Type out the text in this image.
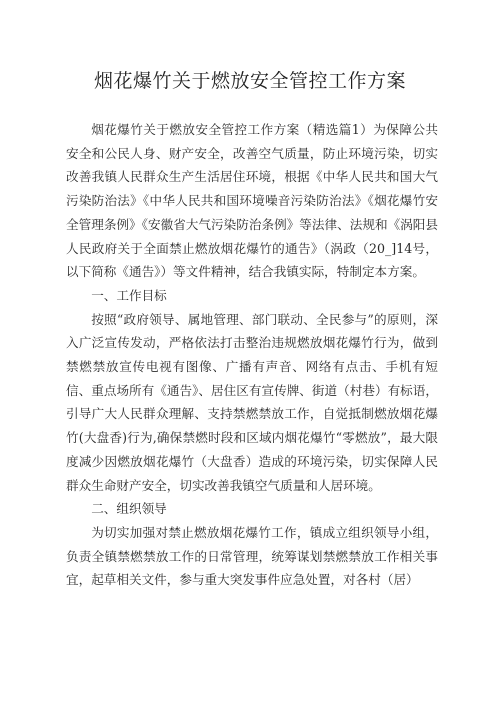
烟花爆竹关于燃放安全管控工作方案

烟花爆竹关于燃放安全管控工作方案（精选篇1）为保障公共安全和公民人身、财产安全，改善空气质量，防止环境污染，切实改善我镇人民群众生产生活居住环境，根据《中华人民共和国大气污染防治法》《中华人民共和国环境噪音污染防治法》《烟花爆竹安全管理条例》《安徽省大气污染防治条例》等法律、法规和《涡阳县人民政府关于全面禁止燃放烟花爆竹的通告》（涡政（20_]14号，以下简称《通告》）等文件精神，结合我镇实际，特制定本方案。

一、工作目标

按照“政府领导、属地管理、部门联动、全民参与”的原则，深入广泛宣传发动，严格依法打击整治违规燃放烟花爆竹行为，做到禁燃禁放宣传电视有图像、广播有声音、网络有点击、手机有短信、重点场所有《通告》、居住区有宣传牌、街道（村巷）有标语，引导广大人民群众理解、支持禁燃禁放工作，自觉抵制燃放烟花爆竹(大盘香)行为,确保禁燃时段和区域内烟花爆竹“零燃放”，最大限度减少因燃放烟花爆竹（大盘香）造成的环境污染，切实保障人民群众生命财产安全，切实改善我镇空气质量和人居环境。

二、组织领导

为切实加强对禁止燃放烟花爆竹工作，镇成立组织领导小组，负责全镇禁燃禁放工作的日常管理，统筹谋划禁燃禁放工作相关事宜，起草相关文件，参与重大突发事件应急处置，对各村（居）
